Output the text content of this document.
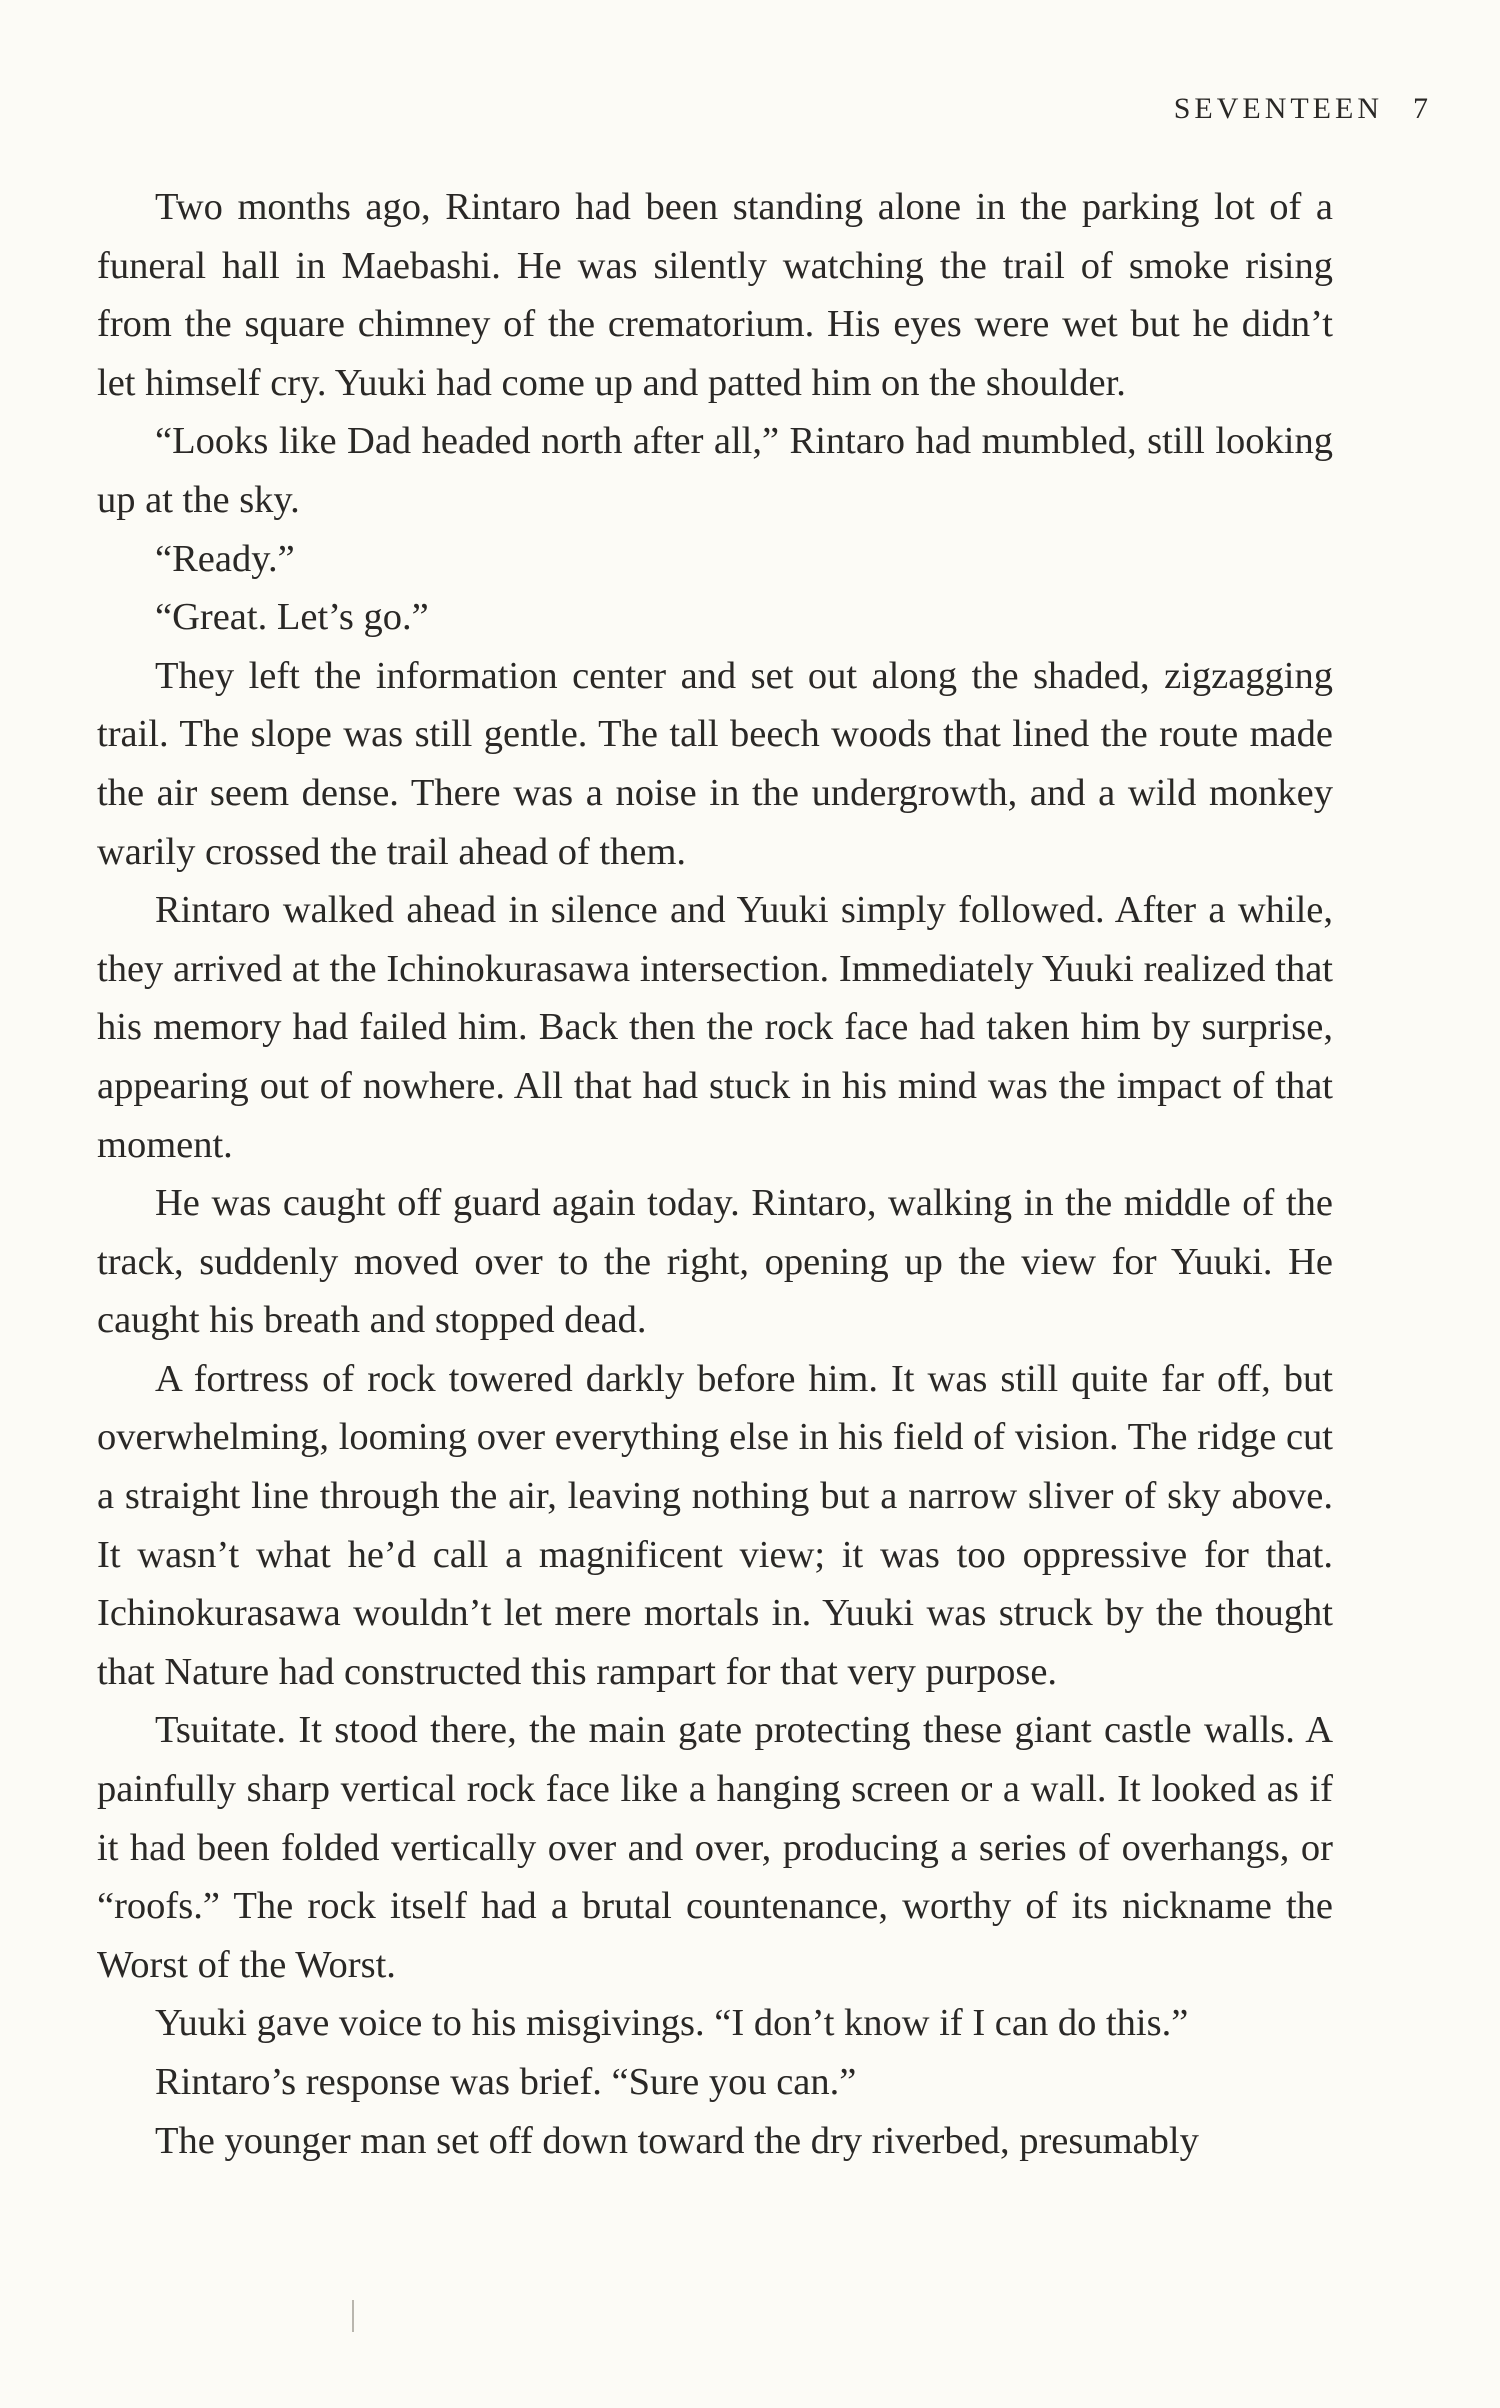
SEVENTEEN 7

Two months ago, Rintaro had been standing alone in the parking lot of a funeral hall in Maebashi. He was silently watching the trail of smoke rising from the square chimney of the crematorium. His eyes were wet but he didn’t let himself cry. Yuuki had come up and patted him on the shoulder.

“Looks like Dad headed north after all,” Rintaro had mumbled, still looking up at the sky.

“Ready.”

“Great. Let’s go.”

They left the information center and set out along the shaded, zigzagging trail. The slope was still gentle. The tall beech woods that lined the route made the air seem dense. There was a noise in the undergrowth, and a wild monkey warily crossed the trail ahead of them.

Rintaro walked ahead in silence and Yuuki simply followed. After a while, they arrived at the Ichinokurasawa intersection. Immediately Yuuki realized that his memory had failed him. Back then the rock face had taken him by surprise, appearing out of nowhere. All that had stuck in his mind was the impact of that moment.

He was caught off guard again today. Rintaro, walking in the middle of the track, suddenly moved over to the right, opening up the view for Yuuki. He caught his breath and stopped dead.

A fortress of rock towered darkly before him. It was still quite far off, but overwhelming, looming over everything else in his field of vision. The ridge cut a straight line through the air, leaving nothing but a narrow sliver of sky above. It wasn’t what he’d call a magnificent view; it was too oppressive for that. Ichinokurasawa wouldn’t let mere mortals in. Yuuki was struck by the thought that Nature had constructed this rampart for that very purpose.

Tsuitate. It stood there, the main gate protecting these giant castle walls. A painfully sharp vertical rock face like a hanging screen or a wall. It looked as if it had been folded vertically over and over, producing a series of overhangs, or “roofs.” The rock itself had a brutal countenance, worthy of its nickname the Worst of the Worst.

Yuuki gave voice to his misgivings. “I don’t know if I can do this.”

Rintaro’s response was brief. “Sure you can.”

The younger man set off down toward the dry riverbed, presumably
